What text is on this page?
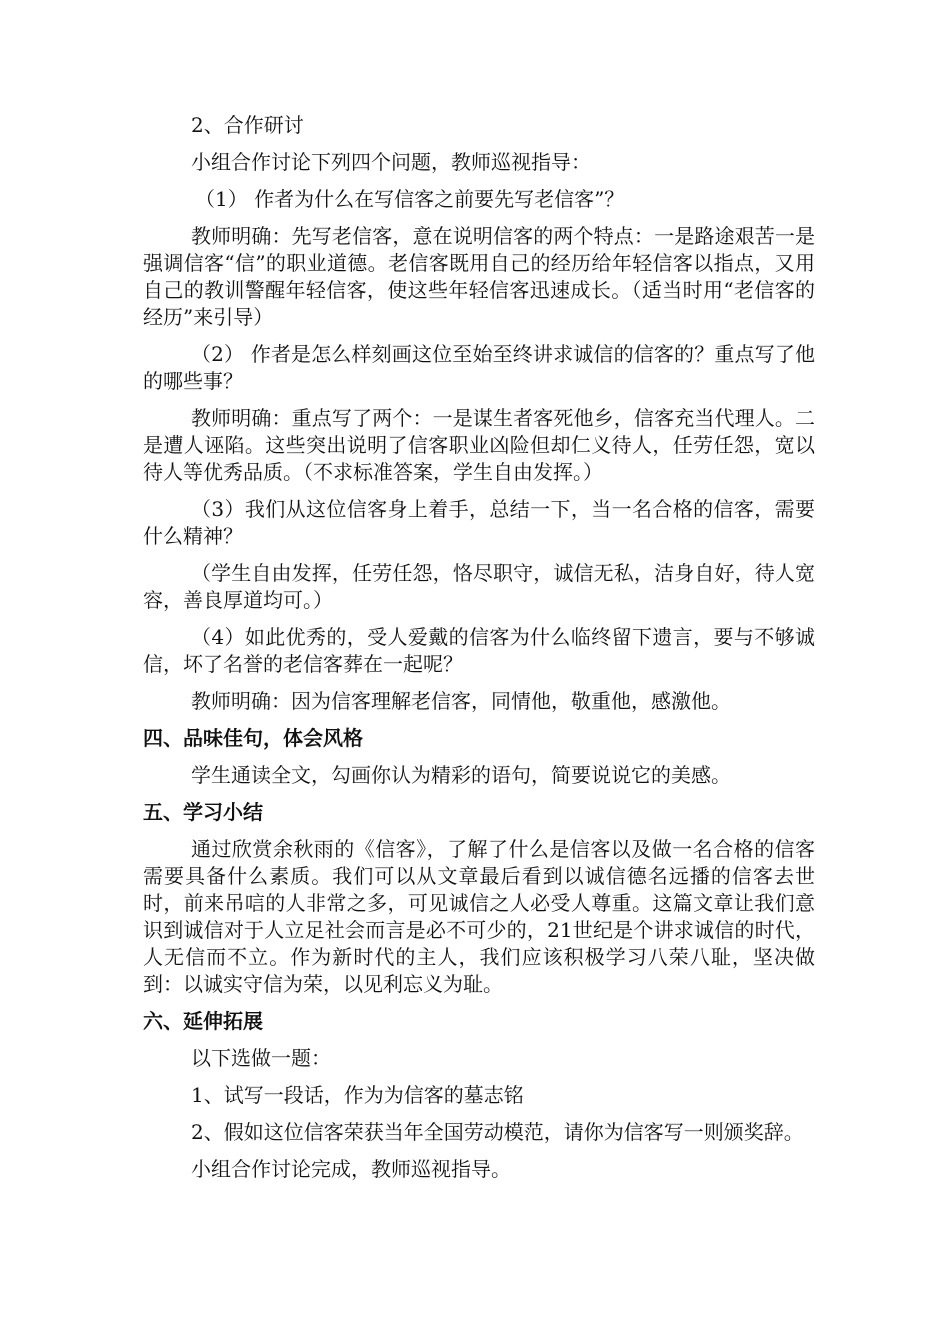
2、合作研讨

小组合作讨论下列四个问题，教师巡视指导：

（1） 作者为什么在写信客之前要先写老信客”？

教师明确：先写老信客，意在说明信客的两个特点：一是路途艰苦一是强调信客“信”的职业道德。老信客既用自己的经历给年轻信客以指点，又用自己的教训警醒年轻信客，使这些年轻信客迅速成长。（适当时用“老信客的经历”来引导）

（2） 作者是怎么样刻画这位至始至终讲求诚信的信客的？重点写了他的哪些事？

教师明确：重点写了两个：一是谋生者客死他乡，信客充当代理人。二是遭人诬陷。这些突出说明了信客职业凶险但却仁义待人，任劳任怨，宽以待人等优秀品质。（不求标准答案，学生自由发挥。）

（3）我们从这位信客身上着手，总结一下，当一名合格的信客，需要什么精神？

（学生自由发挥，任劳任怨，恪尽职守，诚信无私，洁身自好，待人宽容，善良厚道均可。）

（4）如此优秀的，受人爱戴的信客为什么临终留下遗言，要与不够诚信，坏了名誉的老信客葬在一起呢？

教师明确：因为信客理解老信客，同情他，敬重他，感激他。

四、品味佳句，体会风格

学生通读全文，勾画你认为精彩的语句，简要说说它的美感。

五、学习小结

通过欣赏余秋雨的《信客》，了解了什么是信客以及做一名合格的信客需要具备什么素质。我们可以从文章最后看到以诚信德名远播的信客去世时，前来吊唁的人非常之多，可见诚信之人必受人尊重。这篇文章让我们意识到诚信对于人立足社会而言是必不可少的，21世纪是个讲求诚信的时代，人无信而不立。作为新时代的主人，我们应该积极学习八荣八耻，坚决做到：以诚实守信为荣，以见利忘义为耻。

六、延伸拓展

以下选做一题：

1、试写一段话，作为为信客的墓志铭

2、假如这位信客荣获当年全国劳动模范，请你为信客写一则颁奖辞。

小组合作讨论完成，教师巡视指导。
